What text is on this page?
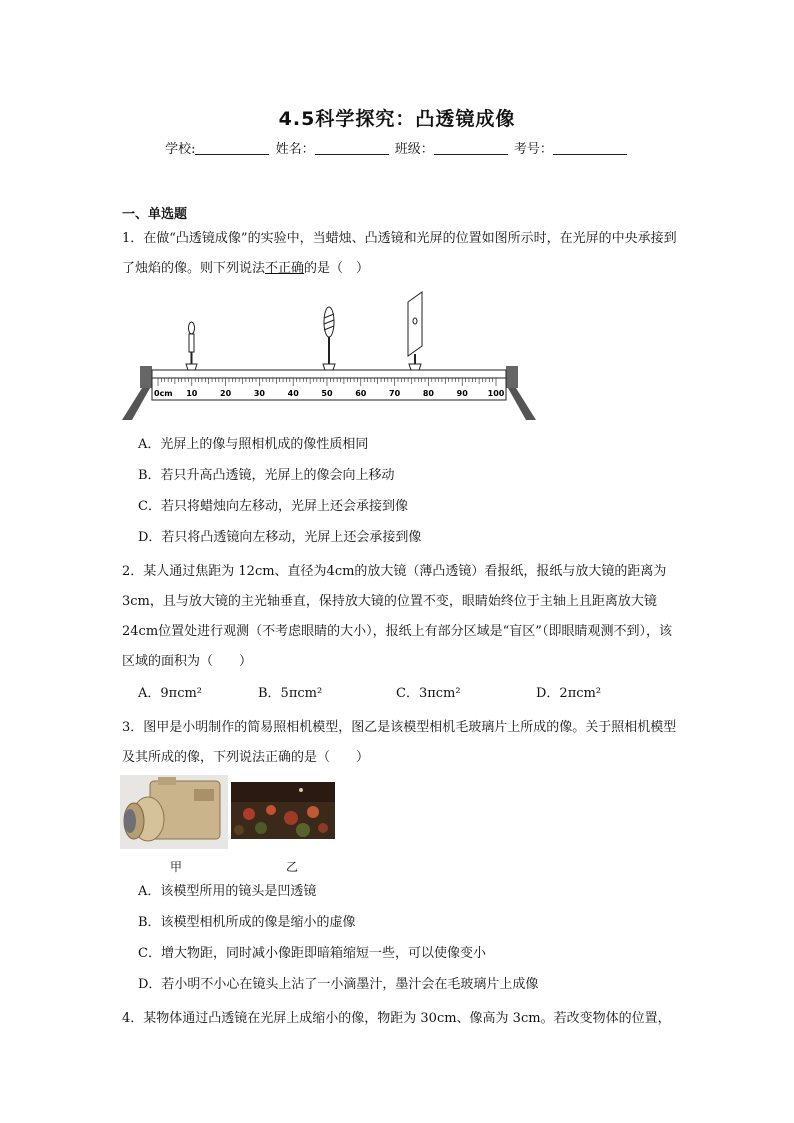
4.5科学探究：凸透镜成像
学校:	姓名：	班级：	考号：
一、单选题
1．在做“凸透镜成像”的实验中，当蜡烛、凸透镜和光屏的位置如图所示时，在光屏的中央承接到了烛焰的像。则下列说法不正确的是（　）
0cm 10	20	30	40	50	60	70	80	90 100
A．光屏上的像与照相机成的像性质相同
B．若只升高凸透镜，光屏上的像会向上移动
C．若只将蜡烛向左移动，光屏上还会承接到像
D．若只将凸透镜向左移动，光屏上还会承接到像
2．某人通过焦距为 12cm、直径为4cm的放大镜（薄凸透镜）看报纸，报纸与放大镜的距离为 3cm，且与放大镜的主光轴垂直，保持放大镜的位置不变，眼睛始终位于主轴上且距离放大镜 24cm位置处进行观测（不考虑眼睛的大小），报纸上有部分区域是“盲区”（即眼睛观测不到），该区域的面积为（　　）
A．9πcm²	B．5πcm²	C．3πcm²	D．2πcm²
3．图甲是小明制作的简易照相机模型，图乙是该模型相机毛玻璃片上所成的像。关于照相机模型及其所成的像，下列说法正确的是（　　）
甲	乙
A．该模型所用的镜头是凹透镜
B．该模型相机所成的像是缩小的虚像
C．增大物距，同时减小像距即暗箱缩短一些，可以使像变小
D．若小明不小心在镜头上沾了一小滴墨汁，墨汁会在毛玻璃片上成像
4．某物体通过凸透镜在光屏上成缩小的像，物距为 30cm、像高为 3cm。若改变物体的位置，
